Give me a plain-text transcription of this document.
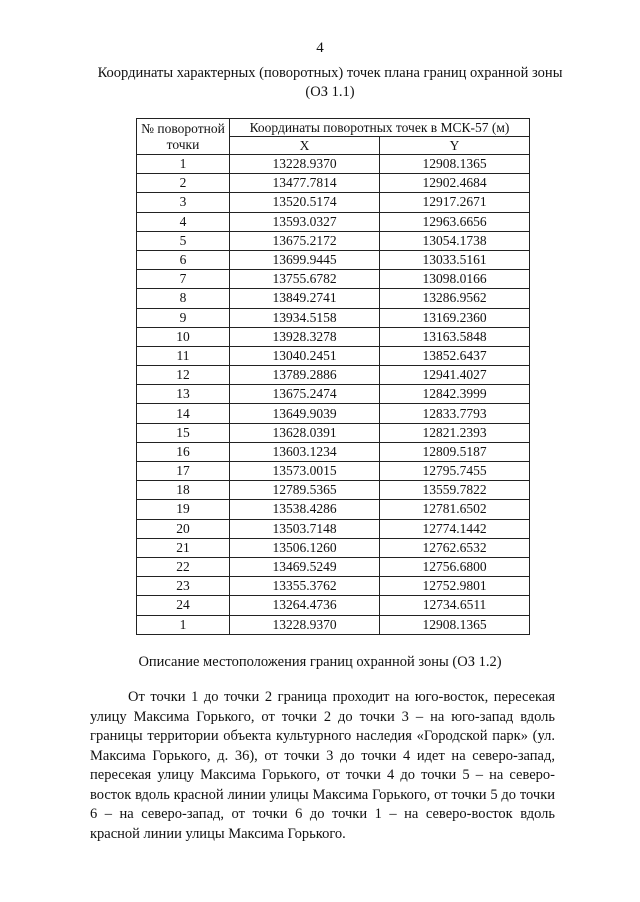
4
Координаты характерных (поворотных) точек плана границ охранной зоны
(ОЗ 1.1)
№ поворотной точки	Координаты поворотных точек в МСК-57 (м)	
	X	Y
1	13228.9370	12908.1365
2	13477.7814	12902.4684
3	13520.5174	12917.2671
4	13593.0327	12963.6656
5	13675.2172	13054.1738
6	13699.9445	13033.5161
7	13755.6782	13098.0166
8	13849.2741	13286.9562
9	13934.5158	13169.2360
10	13928.3278	13163.5848
11	13040.2451	13852.6437
12	13789.2886	12941.4027
13	13675.2474	12842.3999
14	13649.9039	12833.7793
15	13628.0391	12821.2393
16	13603.1234	12809.5187
17	13573.0015	12795.7455
18	12789.5365	13559.7822
19	13538.4286	12781.6502
20	13503.7148	12774.1442
21	13506.1260	12762.6532
22	13469.5249	12756.6800
23	13355.3762	12752.9801
24	13264.4736	12734.6511
1	13228.9370	12908.1365
Описание местоположения границ охранной зоны (ОЗ 1.2)

От точки 1 до точки 2 граница проходит на юго-восток, пересекая улицу Максима Горького, от точки 2 до точки 3 – на юго-запад вдоль границы территории объекта культурного наследия «Городской парк» (ул. Максима Горького, д. 36), от точки 3 до точки 4 идет на северо-запад, пересекая улицу Максима Горького, от точки 4 до точки 5 – на северо-восток вдоль красной линии улицы Максима Горького, от точки 5 до точки 6 – на северо-запад, от точки 6 до точки 1 – на северо-восток вдоль красной линии улицы Максима Горького.
